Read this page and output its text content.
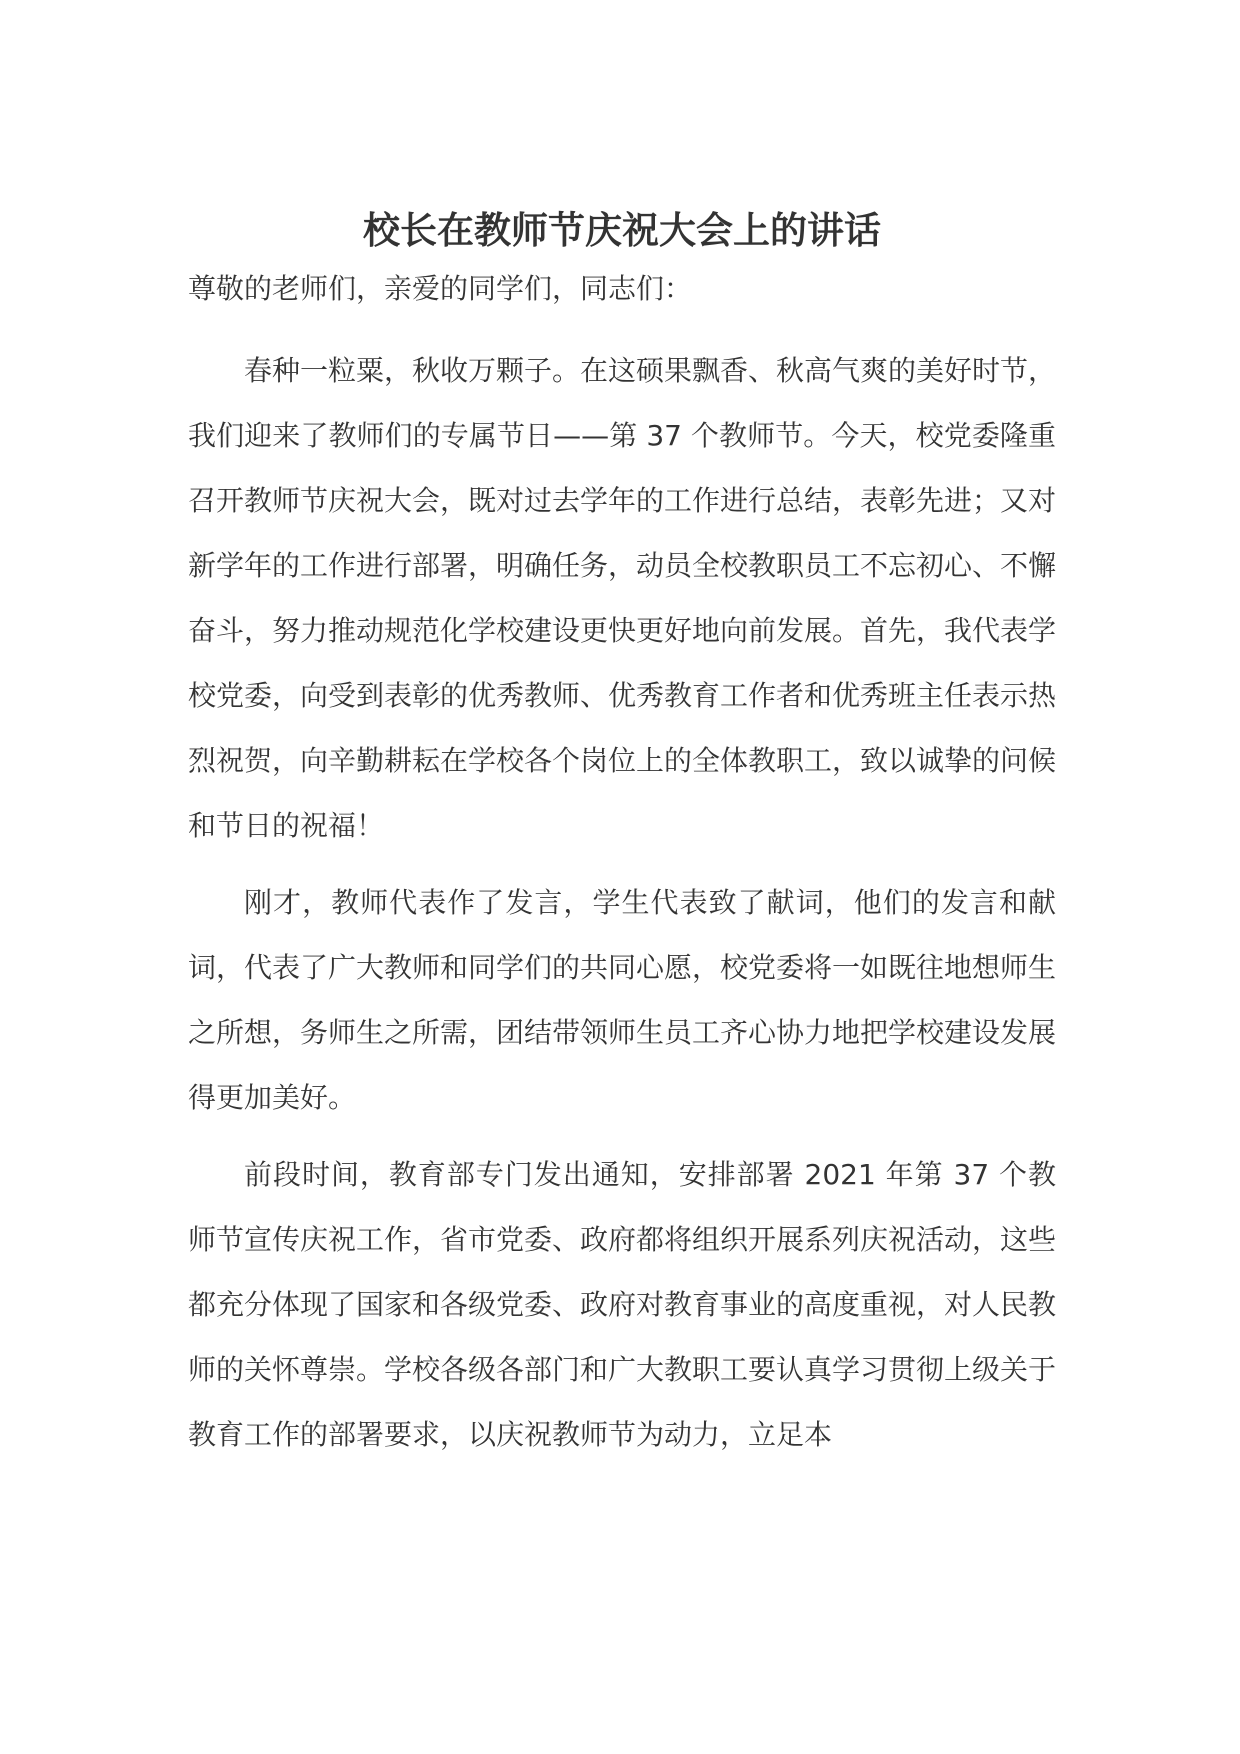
校长在教师节庆祝大会上的讲话

尊敬的老师们，亲爱的同学们，同志们：

春种一粒粟，秋收万颗子。在这硕果飘香、秋高气爽的美好时节，我们迎来了教师们的专属节日——第 37 个教师节。今天，校党委隆重召开教师节庆祝大会，既对过去学年的工作进行总结，表彰先进；又对新学年的工作进行部署，明确任务，动员全校教职员工不忘初心、不懈奋斗，努力推动规范化学校建设更快更好地向前发展。首先，我代表学校党委，向受到表彰的优秀教师、优秀教育工作者和优秀班主任表示热烈祝贺，向辛勤耕耘在学校各个岗位上的全体教职工，致以诚挚的问候和节日的祝福！

刚才，教师代表作了发言，学生代表致了献词，他们的发言和献词，代表了广大教师和同学们的共同心愿，校党委将一如既往地想师生之所想，务师生之所需，团结带领师生员工齐心协力地把学校建设发展得更加美好。

前段时间，教育部专门发出通知，安排部署 2021 年第 37 个教师节宣传庆祝工作，省市党委、政府都将组织开展系列庆祝活动，这些都充分体现了国家和各级党委、政府对教育事业的高度重视，对人民教师的关怀尊崇。学校各级各部门和广大教职工要认真学习贯彻上级关于教育工作的部署要求，以庆祝教师节为动力，立足本
